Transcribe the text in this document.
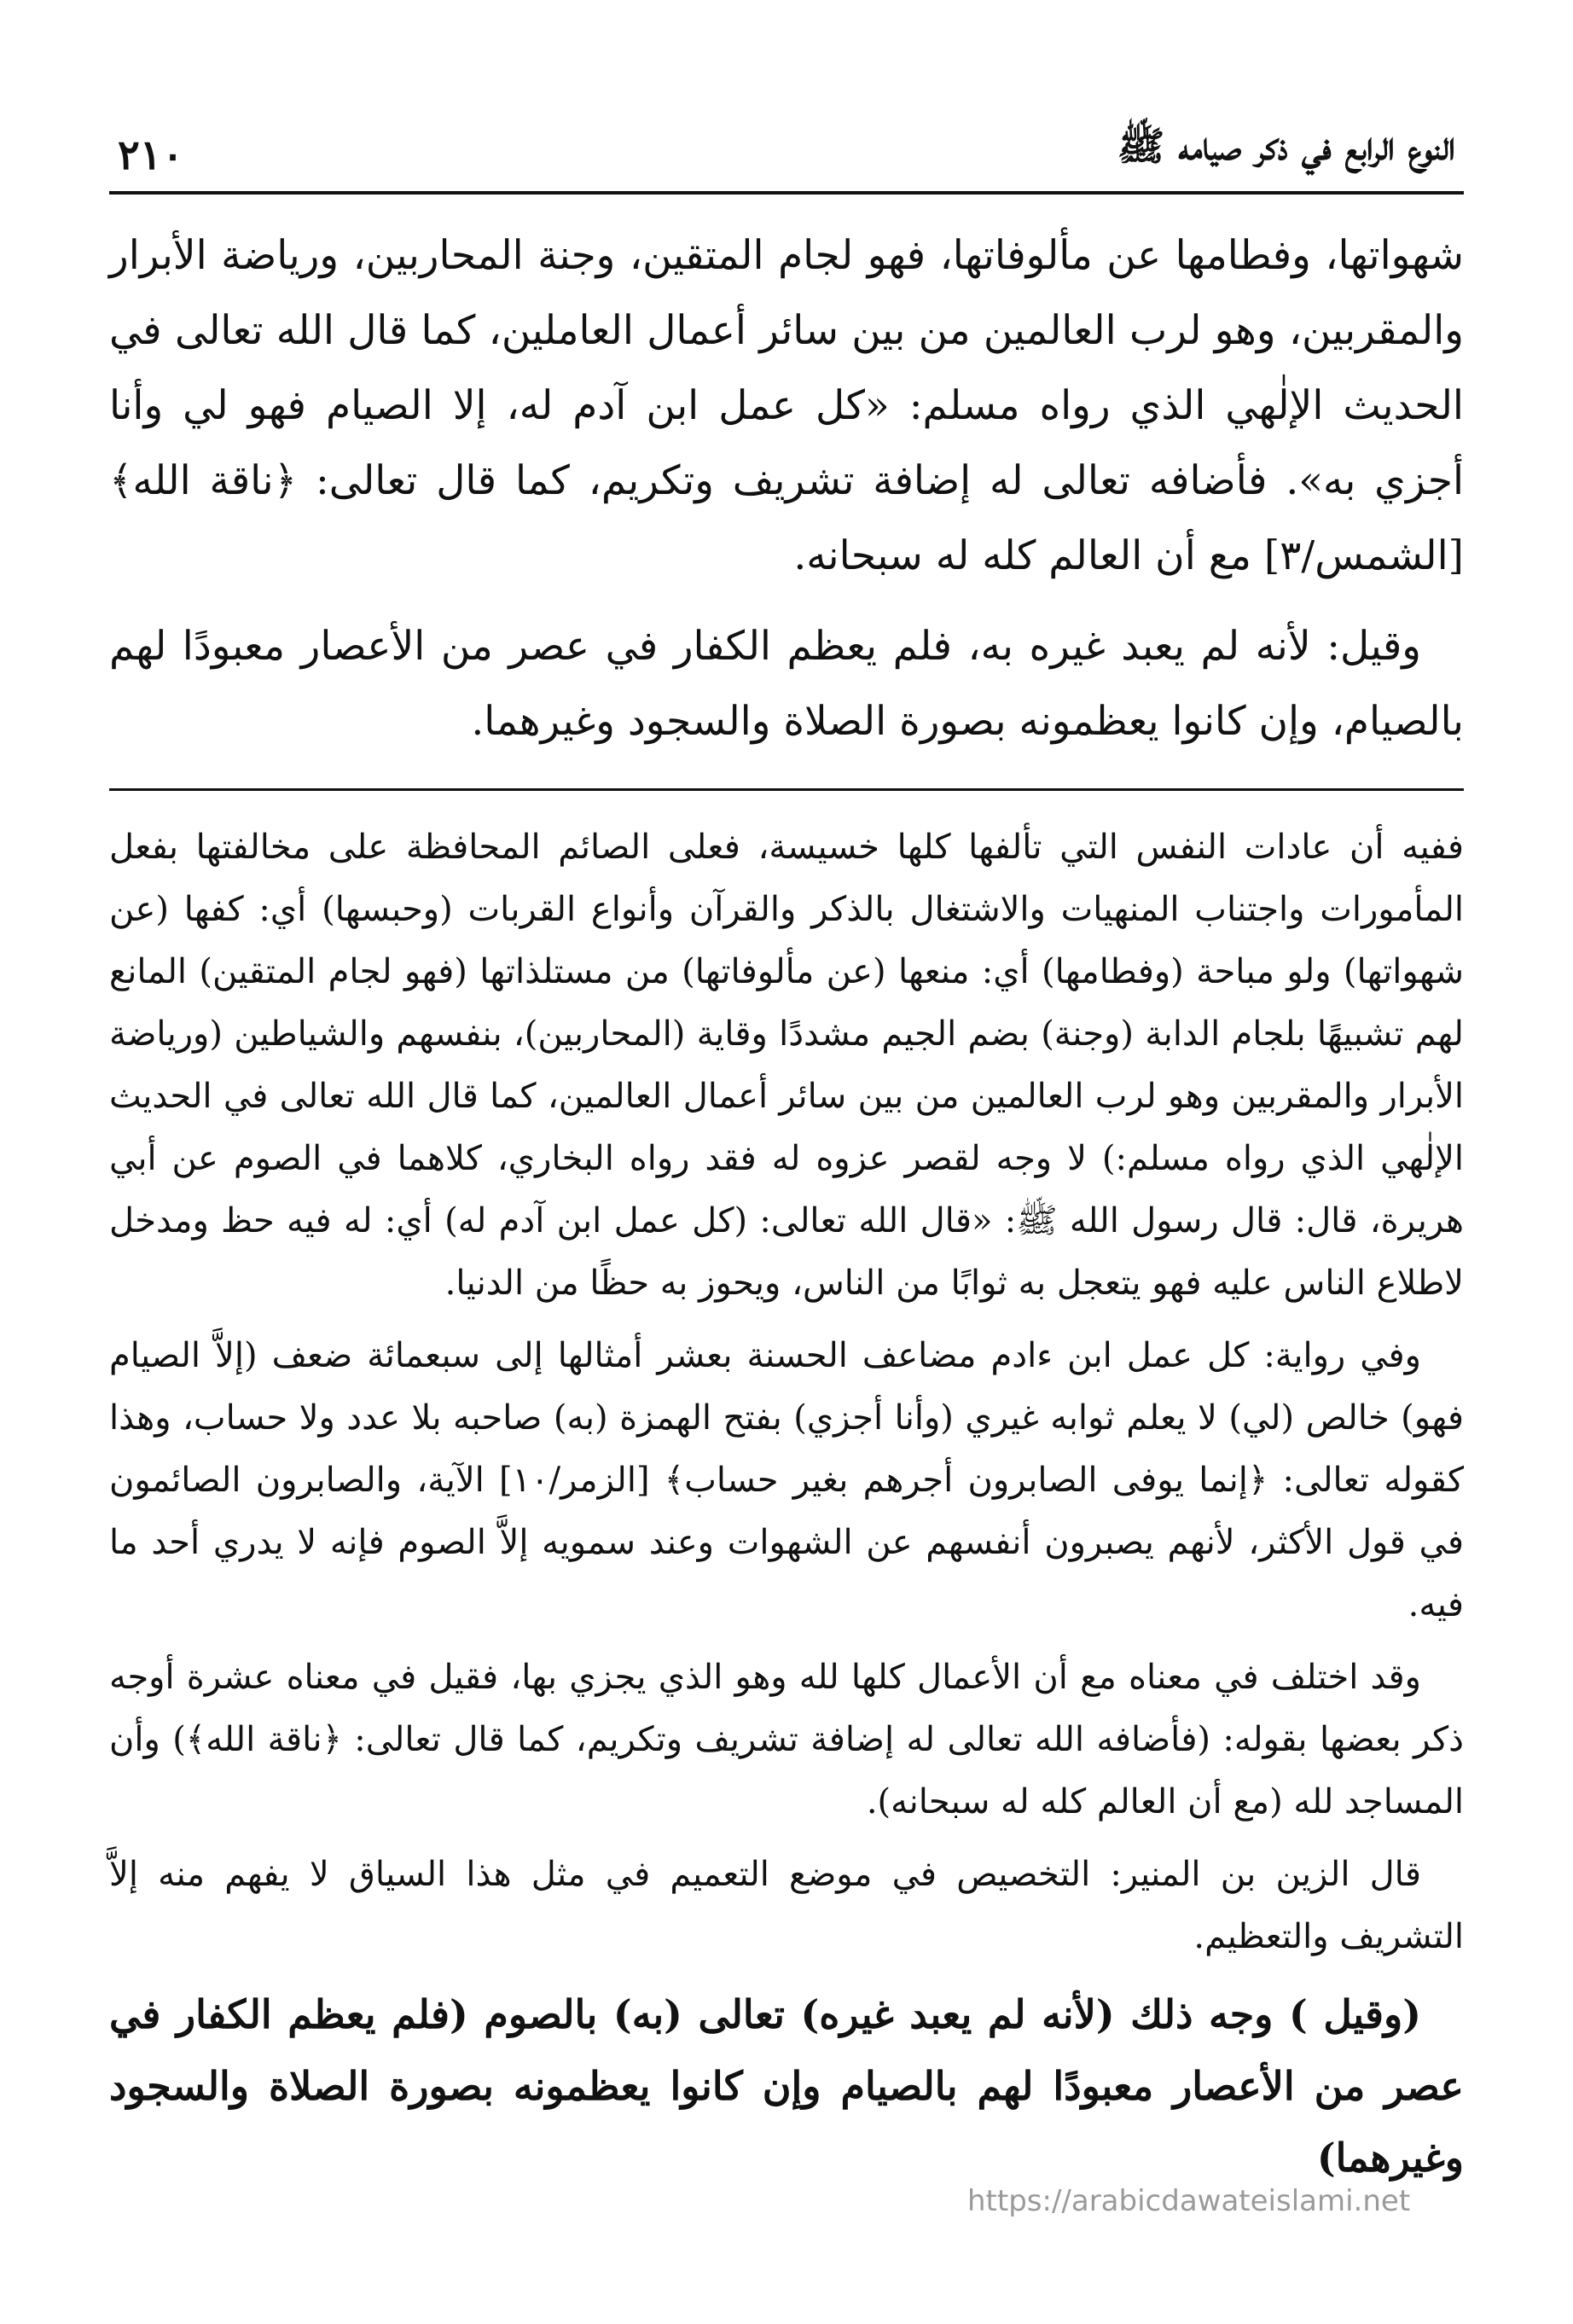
النوع الرابع في ذكر صيامه ﷺ
٢١٠

شهواتها، وفطامها عن مألوفاتها، فهو لجام المتقين، وجنة المحاربين، ورياضة الأبرار والمقربين، وهو لرب العالمين من بين سائر أعمال العاملين، كما قال الله تعالى في الحديث الإلٰهي الذي رواه مسلم: «كل عمل ابن آدم له، إلا الصيام فهو لي وأنا أجزي به». فأضافه تعالى له إضافة تشريف وتكريم، كما قال تعالى: ﴿ناقة الله﴾ [الشمس/٣] مع أن العالم كله له سبحانه.

وقيل: لأنه لم يعبد غيره به، فلم يعظم الكفار في عصر من الأعصار معبودًا لهم بالصيام، وإن كانوا يعظمونه بصورة الصلاة والسجود وغيرهما.

ففيه أن عادات النفس التي تألفها كلها خسيسة، فعلى الصائم المحافظة على مخالفتها بفعل المأمورات واجتناب المنهيات والاشتغال بالذكر والقرآن وأنواع القربات (وحبسها) أي: كفها (عن شهواتها) ولو مباحة (وفطامها) أي: منعها (عن مألوفاتها) من مستلذاتها (فهو لجام المتقين) المانع لهم تشبيهًا بلجام الدابة (وجنة) بضم الجيم مشددًا وقاية (المحاربين)، بنفسهم والشياطين (ورياضة الأبرار والمقربين وهو لرب العالمين من بين سائر أعمال العالمين، كما قال الله تعالى في الحديث الإلٰهي الذي رواه مسلم:) لا وجه لقصر عزوه له فقد رواه البخاري، كلاهما في الصوم عن أبي هريرة، قال: قال رسول الله ﷺ: «قال الله تعالى: (كل عمل ابن آدم له) أي: له فيه حظ ومدخل لاطلاع الناس عليه فهو يتعجل به ثوابًا من الناس، ويحوز به حظًا من الدنيا.

وفي رواية: كل عمل ابن ءادم مضاعف الحسنة بعشر أمثالها إلى سبعمائة ضعف (إلاَّ الصيام فهو) خالص (لي) لا يعلم ثوابه غيري (وأنا أجزي) بفتح الهمزة (به) صاحبه بلا عدد ولا حساب، وهذا كقوله تعالى: ﴿إنما يوفى الصابرون أجرهم بغير حساب﴾ [الزمر/١٠] الآية، والصابرون الصائمون في قول الأكثر، لأنهم يصبرون أنفسهم عن الشهوات وعند سمويه إلاَّ الصوم فإنه لا يدري أحد ما فيه.

وقد اختلف في معناه مع أن الأعمال كلها لله وهو الذي يجزي بها، فقيل في معناه عشرة أوجه ذكر بعضها بقوله: (فأضافه الله تعالى له إضافة تشريف وتكريم، كما قال تعالى: ﴿ناقة الله﴾) وأن المساجد لله (مع أن العالم كله له سبحانه).

قال الزين بن المنير: التخصيص في موضع التعميم في مثل هذا السياق لا يفهم منه إلاَّ التشريف والتعظيم.

(وقيل ) وجه ذلك (لأنه لم يعبد غيره) تعالى (به) بالصوم (فلم يعظم الكفار في عصر من الأعصار معبودًا لهم بالصيام وإن كانوا يعظمونه بصورة الصلاة والسجود وغيرهما)

https://arabicdawateislami.net
